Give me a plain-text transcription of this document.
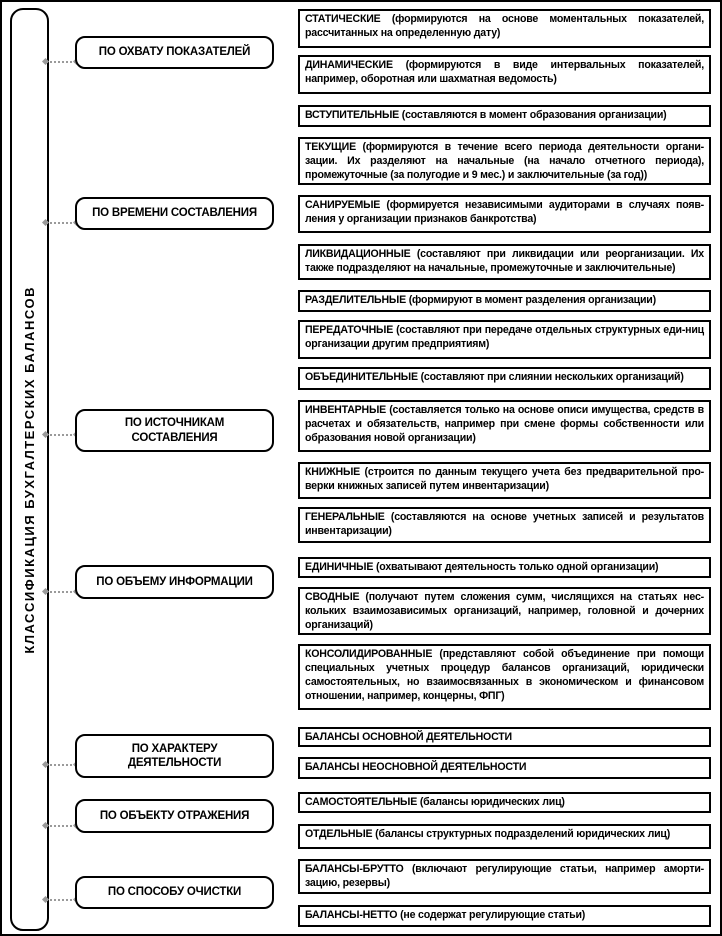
КЛАССИФИКАЦИЯ БУХГАЛТЕРСКИХ БАЛАНСОВ
ПО ОХВАТУ ПОКАЗАТЕЛЕЙ
ПО ВРЕМЕНИ СОСТАВЛЕНИЯ
ПО ИСТОЧНИКАМ СОСТАВЛЕНИЯ
ПО ОБЪЕМУ ИНФОРМАЦИИ
ПО ХАРАКТЕРУ ДЕЯТЕЛЬНОСТИ
ПО ОБЪЕКТУ ОТРАЖЕНИЯ
ПО СПОСОБУ ОЧИСТКИ
СТАТИЧЕСКИЕ (формируются на основе моментальных показателей, рассчитанных на определенную дату)
ДИНАМИЧЕСКИЕ (формируются в виде интервальных показателей, например, оборотная или шахматная ведомость)
ВСТУПИТЕЛЬНЫЕ (составляются в момент образования организации)
ТЕКУЩИЕ (формируются в течение всего периода деятельности органи-зации. Их разделяют на начальные (на начало отчетного периода), промежуточные (за полугодие и 9 мес.) и заключительные (за год))
САНИРУЕМЫЕ (формируется независимыми аудиторами в случаях появ-ления у организации признаков банкротства)
ЛИКВИДАЦИОННЫЕ (составляют при ликвидации или реорганизации. Их также подразделяют на начальные, промежуточные и заключительные)
РАЗДЕЛИТЕЛЬНЫЕ (формируют в момент разделения организации)
ПЕРЕДАТОЧНЫЕ (составляют при передаче отдельных структурных еди-ниц организации другим предприятиям)
ОБЪЕДИНИТЕЛЬНЫЕ (составляют при слиянии нескольких организаций)
ИНВЕНТАРНЫЕ (составляется только на основе описи имущества, средств в расчетах и обязательств, например при смене формы собственности или образования новой организации)
КНИЖНЫЕ (строится по данным текущего учета без предварительной про-верки книжных записей путем инвентаризации)
ГЕНЕРАЛЬНЫЕ (составляются на основе учетных записей и результатов инвентаризации)
ЕДИНИЧНЫЕ (охватывают деятельность только одной организации)
СВОДНЫЕ (получают путем сложения сумм, числящихся на статьях нес-кольких взаимозависимых организаций, например, головной и дочерних организаций)
КОНСОЛИДИРОВАННЫЕ (представляют собой объединение при помощи специальных учетных процедур балансов организаций, юридически самостоятельных, но взаимосвязанных в экономическом и финансовом отношении, например, концерны, ФПГ)
БАЛАНСЫ ОСНОВНОЙ ДЕЯТЕЛЬНОСТИ
БАЛАНСЫ НЕОСНОВНОЙ ДЕЯТЕЛЬНОСТИ
САМОСТОЯТЕЛЬНЫЕ (балансы юридических лиц)
ОТДЕЛЬНЫЕ (балансы структурных подразделений юридических лиц)
БАЛАНСЫ-БРУТТО (включают регулирующие статьи, например аморти-зацию, резервы)
БАЛАНСЫ-НЕТТО (не содержат регулирующие статьи)
